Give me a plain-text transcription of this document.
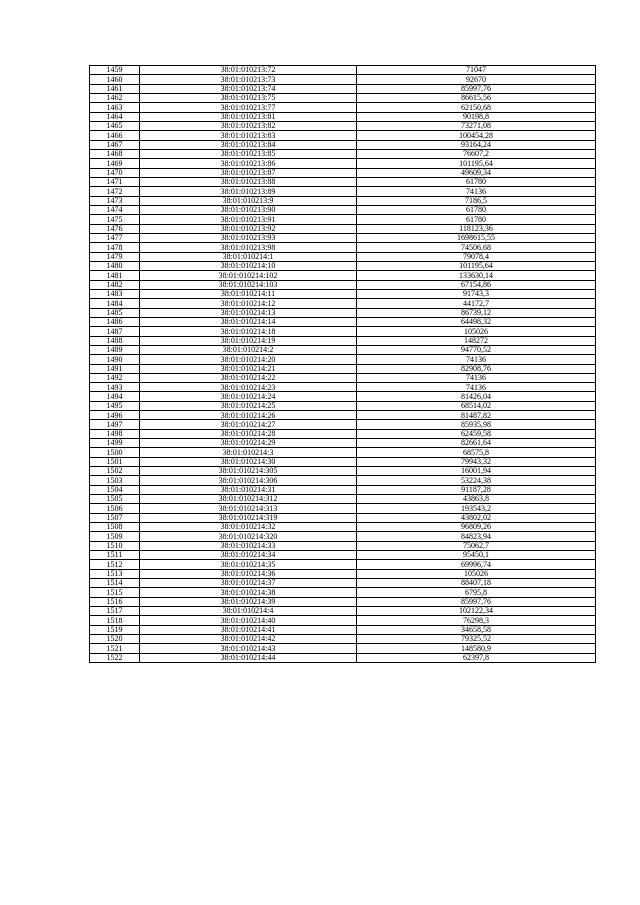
1459	38:01:010213:72	71047
1460	38:01:010213:73	92670
1461	38:01:010213:74	85997,76
1462	38:01:010213:75	86615,56
1463	38:01:010213:77	62150,68
1464	38:01:010213:81	90198,8
1465	38:01:010213:82	73271,08
1466	38:01:010213:83	100454,28
1467	38:01:010213:84	93164,24
1468	38:01:010213:85	76607,2
1469	38:01:010213:86	101195,64
1470	38:01:010213:87	49609,34
1471	38:01:010213:88	61780
1472	38:01:010213:89	74136
1473	38:01:010213:9	7186,5
1474	38:01:010213:90	61780
1475	38:01:010213:91	61780
1476	38:01:010213:92	118123,36
1477	38:01:010213:93	1698615,55
1478	38:01:010213:98	74506,68
1479	38:01:010214:1	79078,4
1480	38:01:010214:10	101195,64
1481	38:01:010214:102	133630,14
1482	38:01:010214:103	67154,86
1483	38:01:010214:11	91743,3
1484	38:01:010214:12	44172,7
1485	38:01:010214:13	86739,12
1486	38:01:010214:14	64498,32
1487	38:01:010214:18	105026
1488	38:01:010214:19	148272
1489	38:01:010214:2	94770,52
1490	38:01:010214:20	74136
1491	38:01:010214:21	82908,76
1492	38:01:010214:22	74136
1493	38:01:010214:23	74136
1494	38:01:010214:24	81426,04
1495	38:01:010214:25	68514,02
1496	38:01:010214:26	81487,82
1497	38:01:010214:27	85935,98
1498	38:01:010214:28	62459,58
1499	38:01:010214:29	82661,64
1500	38:01:010214:3	68575,8
1501	38:01:010214:30	79943,32
1502	38:01:010214:305	16001,94
1503	38:01:010214:306	53224,38
1504	38:01:010214:31	91187,28
1505	38:01:010214:312	43863,8
1506	38:01:010214:313	193543,2
1507	38:01:010214:319	43802,02
1508	38:01:010214:32	96809,26
1509	38:01:010214:320	84823,94
1510	38:01:010214:33	75062,7
1511	38:01:010214:34	95450,1
1512	38:01:010214:35	69996,74
1513	38:01:010214:36	105026
1514	38:01:010214:37	88407,18
1515	38:01:010214:38	6795,8
1516	38:01:010214:39	85997,76
1517	38:01:010214:4	102122,34
1518	38:01:010214:40	76298,3
1519	38:01:010214:41	34658,58
1520	38:01:010214:42	79325,52
1521	38:01:010214:43	148580,9
1522	38:01:010214:44	62397,8
